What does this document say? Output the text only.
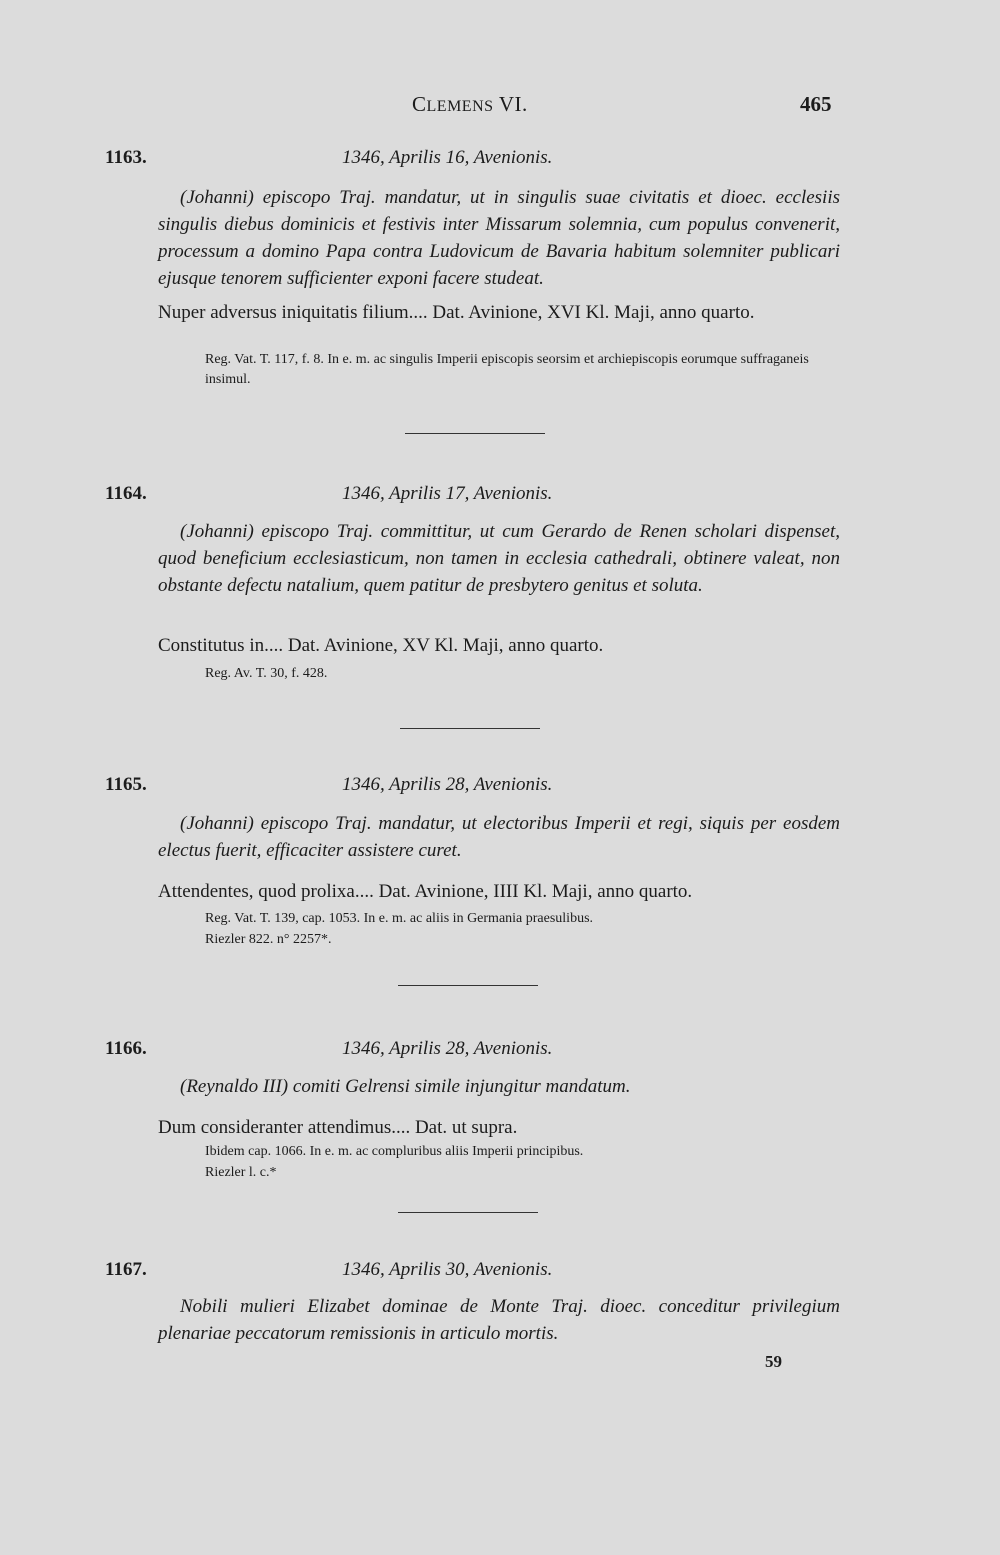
CLEMENS VI.	465
1163.	1346, Aprilis 16, Avenionis.

(Johanni) episcopo Traj. mandatur, ut in singulis suae civitatis et dioec. ecclesiis singulis diebus dominicis et festivis inter Missarum solemnia, cum populus convenerit, processum a domino Papa contra Ludovicum de Bavaria habitum solemniter publicari ejusque tenorem sufficienter exponi facere studeat.

Nuper adversus iniquitatis filium.... Dat. Avinione, XVI Kl. Maji, anno quarto.

Reg. Vat. T. 117, f. 8. In e. m. ac singulis Imperii episcopis seorsim et archiepiscopis eorumque suffraganeis insimul.

1164.	1346, Aprilis 17, Avenionis.

(Johanni) episcopo Traj. committitur, ut cum Gerardo de Renen scholari dispenset, quod beneficium ecclesiasticum, non tamen in ecclesia cathedrali, obtinere valeat, non obstante defectu natalium, quem patitur de presbytero genitus et soluta.

Constitutus in.... Dat. Avinione, XV Kl. Maji, anno quarto.

Reg. Av. T. 30, f. 428.

1165.	1346, Aprilis 28, Avenionis.

(Johanni) episcopo Traj. mandatur, ut electoribus Imperii et regi, siquis per eosdem electus fuerit, efficaciter assistere curet.

Attendentes, quod prolixa.... Dat. Avinione, IIII Kl. Maji, anno quarto.

Reg. Vat. T. 139, cap. 1053. In e. m. ac aliis in Germania praesulibus.

Riezler 822. n° 2257*.

1166.	1346, Aprilis 28, Avenionis.

(Reynaldo III) comiti Gelrensi simile injungitur mandatum.

Dum consideranter attendimus.... Dat. ut supra.

Ibidem cap. 1066. In e. m. ac compluribus aliis Imperii principibus.

Riezler l. c.*

1167.	1346, Aprilis 30, Avenionis.

Nobili mulieri Elizabet dominae de Monte Traj. dioec. conceditur privilegium plenariae peccatorum remissionis in articulo mortis.

59
